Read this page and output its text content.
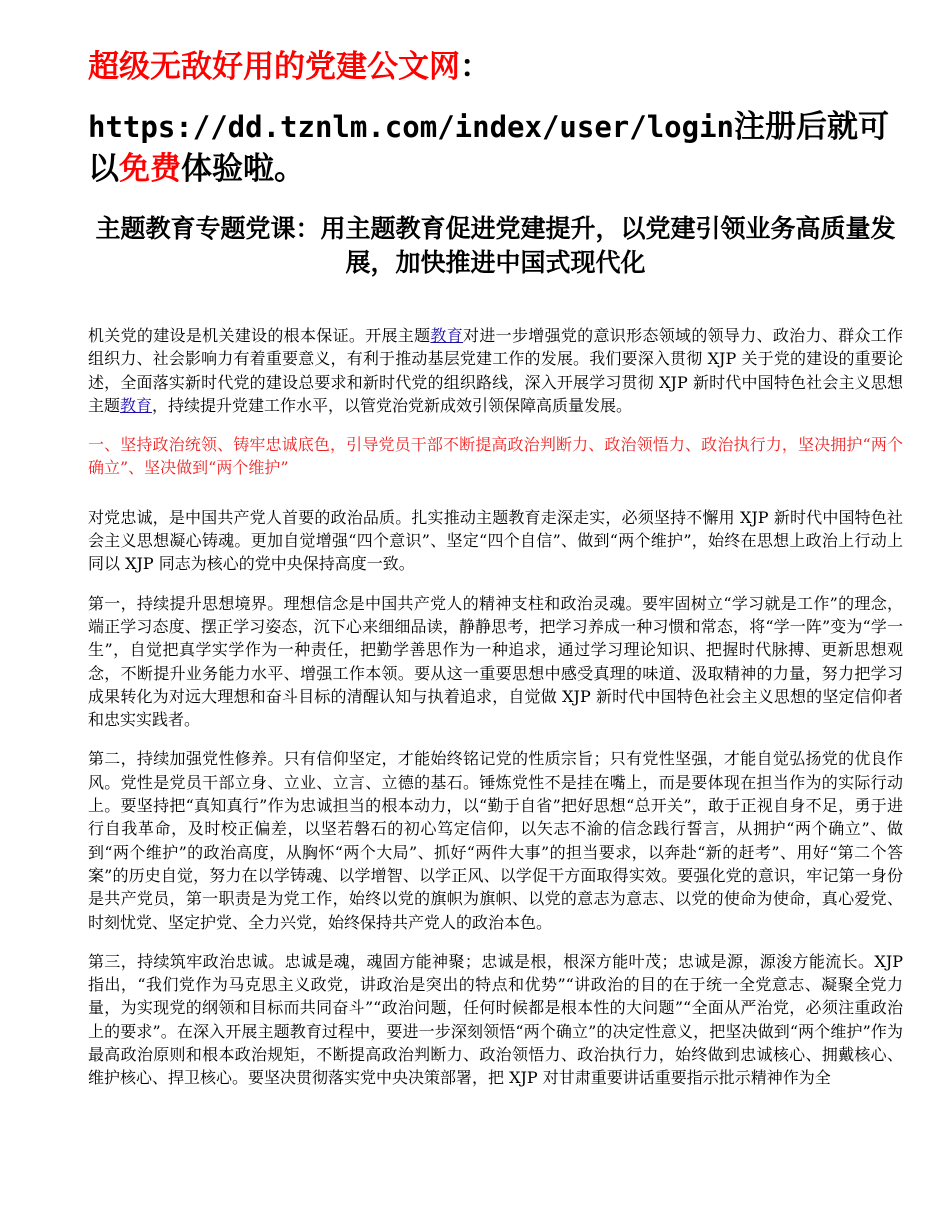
超级无敌好用的党建公文网：
https://dd.tznlm.com/index/user/login注册后就可以免费体验啦。
主题教育专题党课：用主题教育促进党建提升，以党建引领业务高质量发展，加快推进中国式现代化

机关党的建设是机关建设的根本保证。开展主题教育对进一步增强党的意识形态领域的领导力、政治力、群众工作组织力、社会影响力有着重要意义，有利于推动基层党建工作的发展。我们要深入贯彻 XJP 关于党的建设的重要论述，全面落实新时代党的建设总要求和新时代党的组织路线，深入开展学习贯彻 XJP 新时代中国特色社会主义思想主题教育，持续提升党建工作水平，以管党治党新成效引领保障高质量发展。

一、坚持政治统领、铸牢忠诚底色，引导党员干部不断提高政治判断力、政治领悟力、政治执行力，坚决拥护“两个确立”、坚决做到“两个维护”

对党忠诚，是中国共产党人首要的政治品质。扎实推动主题教育走深走实，必须坚持不懈用 XJP 新时代中国特色社会主义思想凝心铸魂。更加自觉增强“四个意识”、坚定“四个自信”、做到“两个维护”，始终在思想上政治上行动上同以 XJP 同志为核心的党中央保持高度一致。

第一，持续提升思想境界。理想信念是中国共产党人的精神支柱和政治灵魂。要牢固树立“学习就是工作”的理念，端正学习态度、摆正学习姿态，沉下心来细细品读，静静思考，把学习养成一种习惯和常态，将“学一阵”变为“学一生”，自觉把真学实学作为一种责任，把勤学善思作为一种追求，通过学习理论知识、把握时代脉搏、更新思想观念，不断提升业务能力水平、增强工作本领。要从这一重要思想中感受真理的味道、汲取精神的力量，努力把学习成果转化为对远大理想和奋斗目标的清醒认知与执着追求，自觉做 XJP 新时代中国特色社会主义思想的坚定信仰者和忠实实践者。

第二，持续加强党性修养。只有信仰坚定，才能始终铭记党的性质宗旨；只有党性坚强，才能自觉弘扬党的优良作风。党性是党员干部立身、立业、立言、立德的基石。锤炼党性不是挂在嘴上，而是要体现在担当作为的实际行动上。要坚持把“真知真行”作为忠诚担当的根本动力，以“勤于自省”把好思想“总开关”，敢于正视自身不足，勇于进行自我革命，及时校正偏差，以坚若磐石的初心笃定信仰，以矢志不渝的信念践行誓言，从拥护“两个确立”、做到“两个维护”的政治高度，从胸怀“两个大局”、抓好“两件大事”的担当要求，以奔赴“新的赶考”、用好“第二个答案”的历史自觉，努力在以学铸魂、以学增智、以学正风、以学促干方面取得实效。要强化党的意识，牢记第一身份是共产党员，第一职责是为党工作，始终以党的旗帜为旗帜、以党的意志为意志、以党的使命为使命，真心爱党、时刻忧党、坚定护党、全力兴党，始终保持共产党人的政治本色。

第三，持续筑牢政治忠诚。忠诚是魂，魂固方能神聚；忠诚是根，根深方能叶茂；忠诚是源，源浚方能流长。XJP 指出，“我们党作为马克思主义政党，讲政治是突出的特点和优势”“讲政治的目的在于统一全党意志、凝聚全党力量，为实现党的纲领和目标而共同奋斗”“政治问题，任何时候都是根本性的大问题”“全面从严治党，必须注重政治上的要求”。在深入开展主题教育过程中，要进一步深刻领悟“两个确立”的决定性意义，把坚决做到“两个维护”作为最高政治原则和根本政治规矩，不断提高政治判断力、政治领悟力、政治执行力，始终做到忠诚核心、拥戴核心、维护核心、捍卫核心。要坚决贯彻落实党中央决策部署，把 XJP 对甘肃重要讲话重要指示批示精神作为全
